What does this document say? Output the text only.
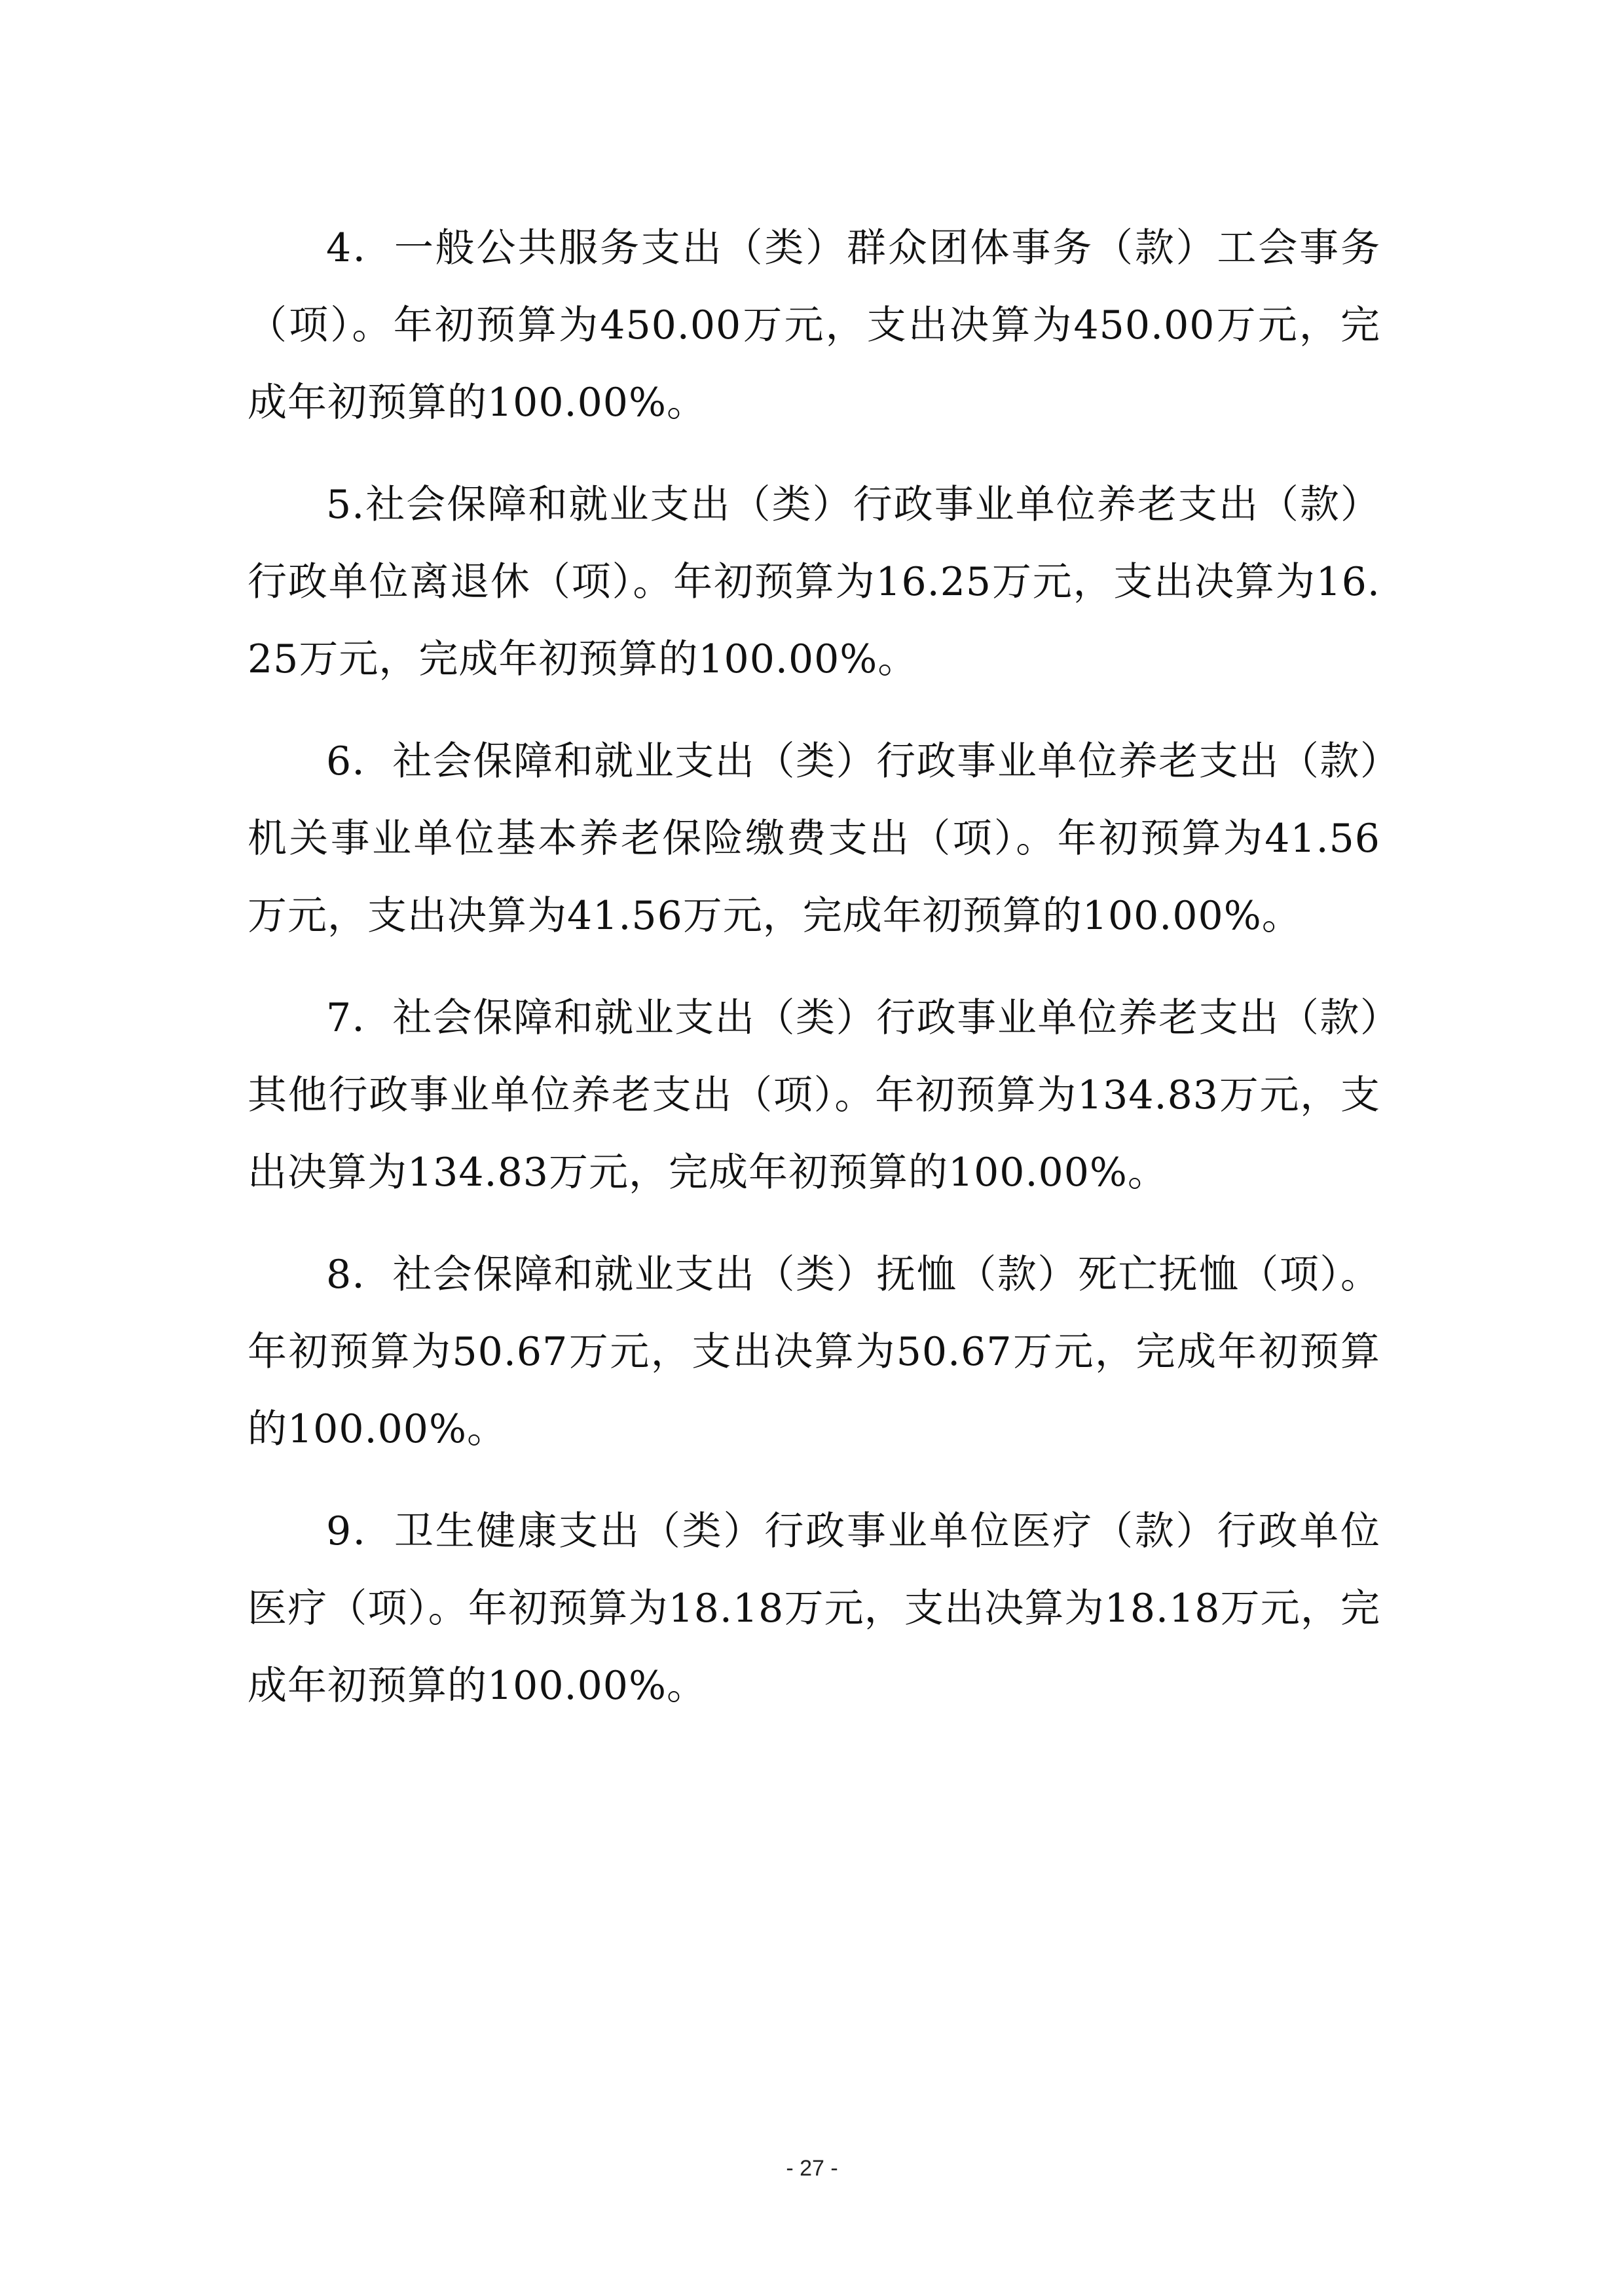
4．一般公共服务支出（类）群众团体事务（款）工会事务（项）。年初预算为450.00万元，支出决算为450.00万元，完成年初预算的100.00%。

5.社会保障和就业支出（类）行政事业单位养老支出（款）行政单位离退休（项）。年初预算为16.25万元，支出决算为16.25万元，完成年初预算的100.00%。

6．社会保障和就业支出（类）行政事业单位养老支出（款）机关事业单位基本养老保险缴费支出（项）。年初预算为41.56万元，支出决算为41.56万元，完成年初预算的100.00%。

7．社会保障和就业支出（类）行政事业单位养老支出（款）其他行政事业单位养老支出（项）。年初预算为134.83万元，支出决算为134.83万元，完成年初预算的100.00%。

8．社会保障和就业支出（类）抚恤（款）死亡抚恤（项）。年初预算为50.67万元，支出决算为50.67万元，完成年初预算的100.00%。

9．卫生健康支出（类）行政事业单位医疗（款）行政单位医疗（项）。年初预算为18.18万元，支出决算为18.18万元，完成年初预算的100.00%。

- 27 -
